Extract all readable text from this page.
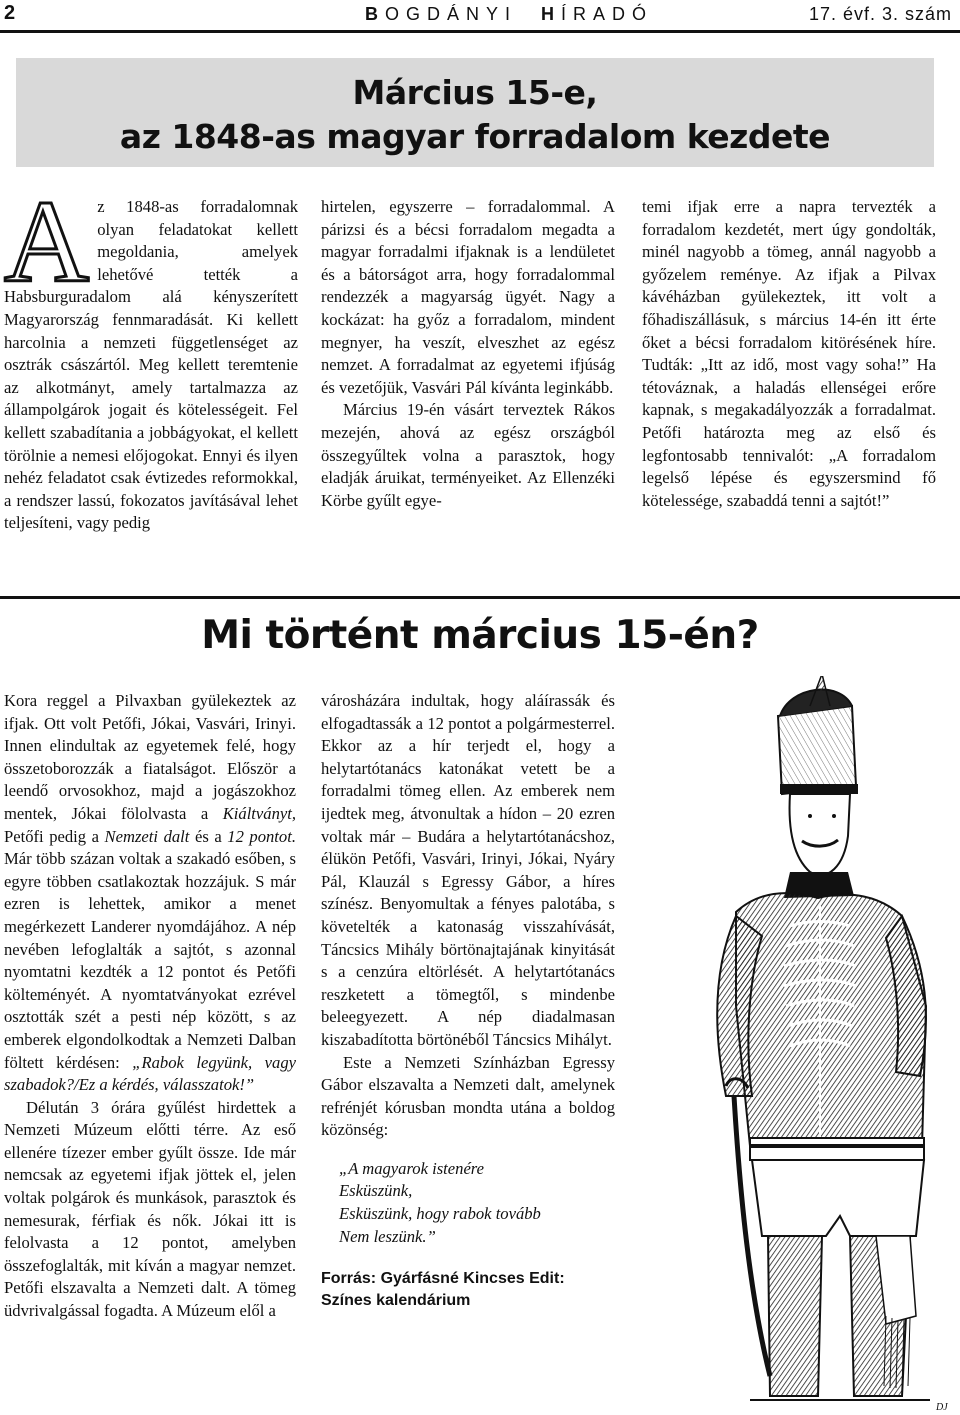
2	BOGDÁNYI HÍRADÓ	17. évf. 3. szám
Március 15-e,
az 1848-as magyar forradalom kezdete

Az 1848-as forradalomnak olyan feladatokat kellett megoldania, amelyek lehetővé tették a Habsburguradalom alá kényszerített Magyarország fennmaradását. Ki kellett harcolnia a nemzeti függetlenséget az osztrák császártól. Meg kellett teremtenie az alkotmányt, amely tartalmazza az állampolgárok jogait és kötelességeit. Fel kellett szabadítania a jobbágyokat, el kellett törölnie a nemesi előjogokat. Ennyi és ilyen nehéz feladatot csak évtizedes reformokkal, a rendszer lassú, fokozatos javításával lehet teljesíteni, vagy pedig

hirtelen, egyszerre – forradalommal. A párizsi és a bécsi forradalom megadta a magyar forradalmi ifjaknak is a lendületet és a bátorságot arra, hogy forradalommal rendezzék a magyarság ügyét. Nagy a kockázat: ha győz a forradalom, mindent megnyer, ha veszít, elveszhet az egész nemzet. A forradalmat az egyetemi ifjúság és vezetőjük, Vasvári Pál kívánta leginkább.

Március 19-én vásárt terveztek Rákos mezején, ahová az egész országból összegyűltek volna a parasztok, hogy eladják áruikat, terményeiket. Az Ellenzéki Körbe gyűlt egye-

temi ifjak erre a napra tervezték a forradalom kezdetét, mert úgy gondolták, minél nagyobb a tömeg, annál nagyobb a győzelem reménye. Az ifjak a Pilvax kávéházban gyülekeztek, itt volt a főhadiszállásuk, s március 14-én itt érte őket a bécsi forradalom kitörésének híre. Tudták: „Itt az idő, most vagy soha!” Ha tétováznak, a haladás ellenségei erőre kapnak, s megakadályozzák a forradalmat. Petőfi határozta meg az első és legfontosabb tennivalót: „A forradalom legelső lépése és egyszersmind fő kötelessége, szabaddá tenni a sajtót!”

Mi történt március 15-én?

Kora reggel a Pilvaxban gyülekeztek az ifjak. Ott volt Petőfi, Jókai, Vasvári, Irinyi. Innen elindultak az egyetemek felé, hogy összetoborozzák a fiatalságot. Először a leendő orvosokhoz, majd a jogászokhoz mentek, Jókai fölolvasta a Kiáltványt, Petőfi pedig a Nemzeti dalt és a 12 pontot. Már több százan voltak a szakadó esőben, s egyre többen csatlakoztak hozzájuk. S már ezren is lehettek, amikor a menet megérkezett Landerer nyomdájához. A nép nevében lefoglalták a sajtót, s azonnal nyomtatni kezdték a 12 pontot és Petőfi költeményét. A nyomtatványokat ezrével osztották szét a pesti nép között, s az emberek elgondolkodtak a Nemzeti Dalban föltett kérdésen: „Rabok legyünk, vagy szabadok?/Ez a kérdés, válasszatok!”

Délután 3 órára gyűlést hirdettek a Nemzeti Múzeum előtti térre. Az eső ellenére tízezer ember gyűlt össze. Ide már nemcsak az egyetemi ifjak jöttek el, jelen voltak polgárok és munkások, parasztok és nemesurak, férfiak és nők. Jókai itt is felolvasta a 12 pontot, amelyben összefoglalták, mit kíván a magyar nemzet. Petőfi elszavalta a Nemzeti dalt. A tömeg üdvrivalgással fogadta. A Múzeum elől a

városházára indultak, hogy aláírassák és elfogadtassák a 12 pontot a polgármesterrel. Ekkor az a hír terjedt el, hogy a helytartótanács katonákat vetett be a forradalmi tömeg ellen. Az emberek nem ijedtek meg, átvonultak a hídon – 20 ezren voltak már – Budára a helytartótanácshoz, élükön Petőfi, Vasvári, Irinyi, Jókai, Nyáry Pál, Klauzál s Egressy Gábor, a híres színész. Benyomultak a fényes palotába, s követelték a katonaság visszahívását, Táncsics Mihály börtönajtajának kinyitását s a cenzúra eltörlését. A helytartótanács reszketett a tömegtől, s mindenbe beleegyezett. A nép diadalmasan kiszabadította börtönéből Táncsics Mihályt.

Este a Nemzeti Színházban Egressy Gábor elszavalta a Nemzeti dalt, amelynek refrénjét kórusban mondta utána a boldog közönség:

„A magyarok istenére
Esküszünk,
Esküszünk, hogy rabok tovább
Nem leszünk.”
Forrás: Gyárfásné Kincses Edit: Színes kalendárium
DJ
